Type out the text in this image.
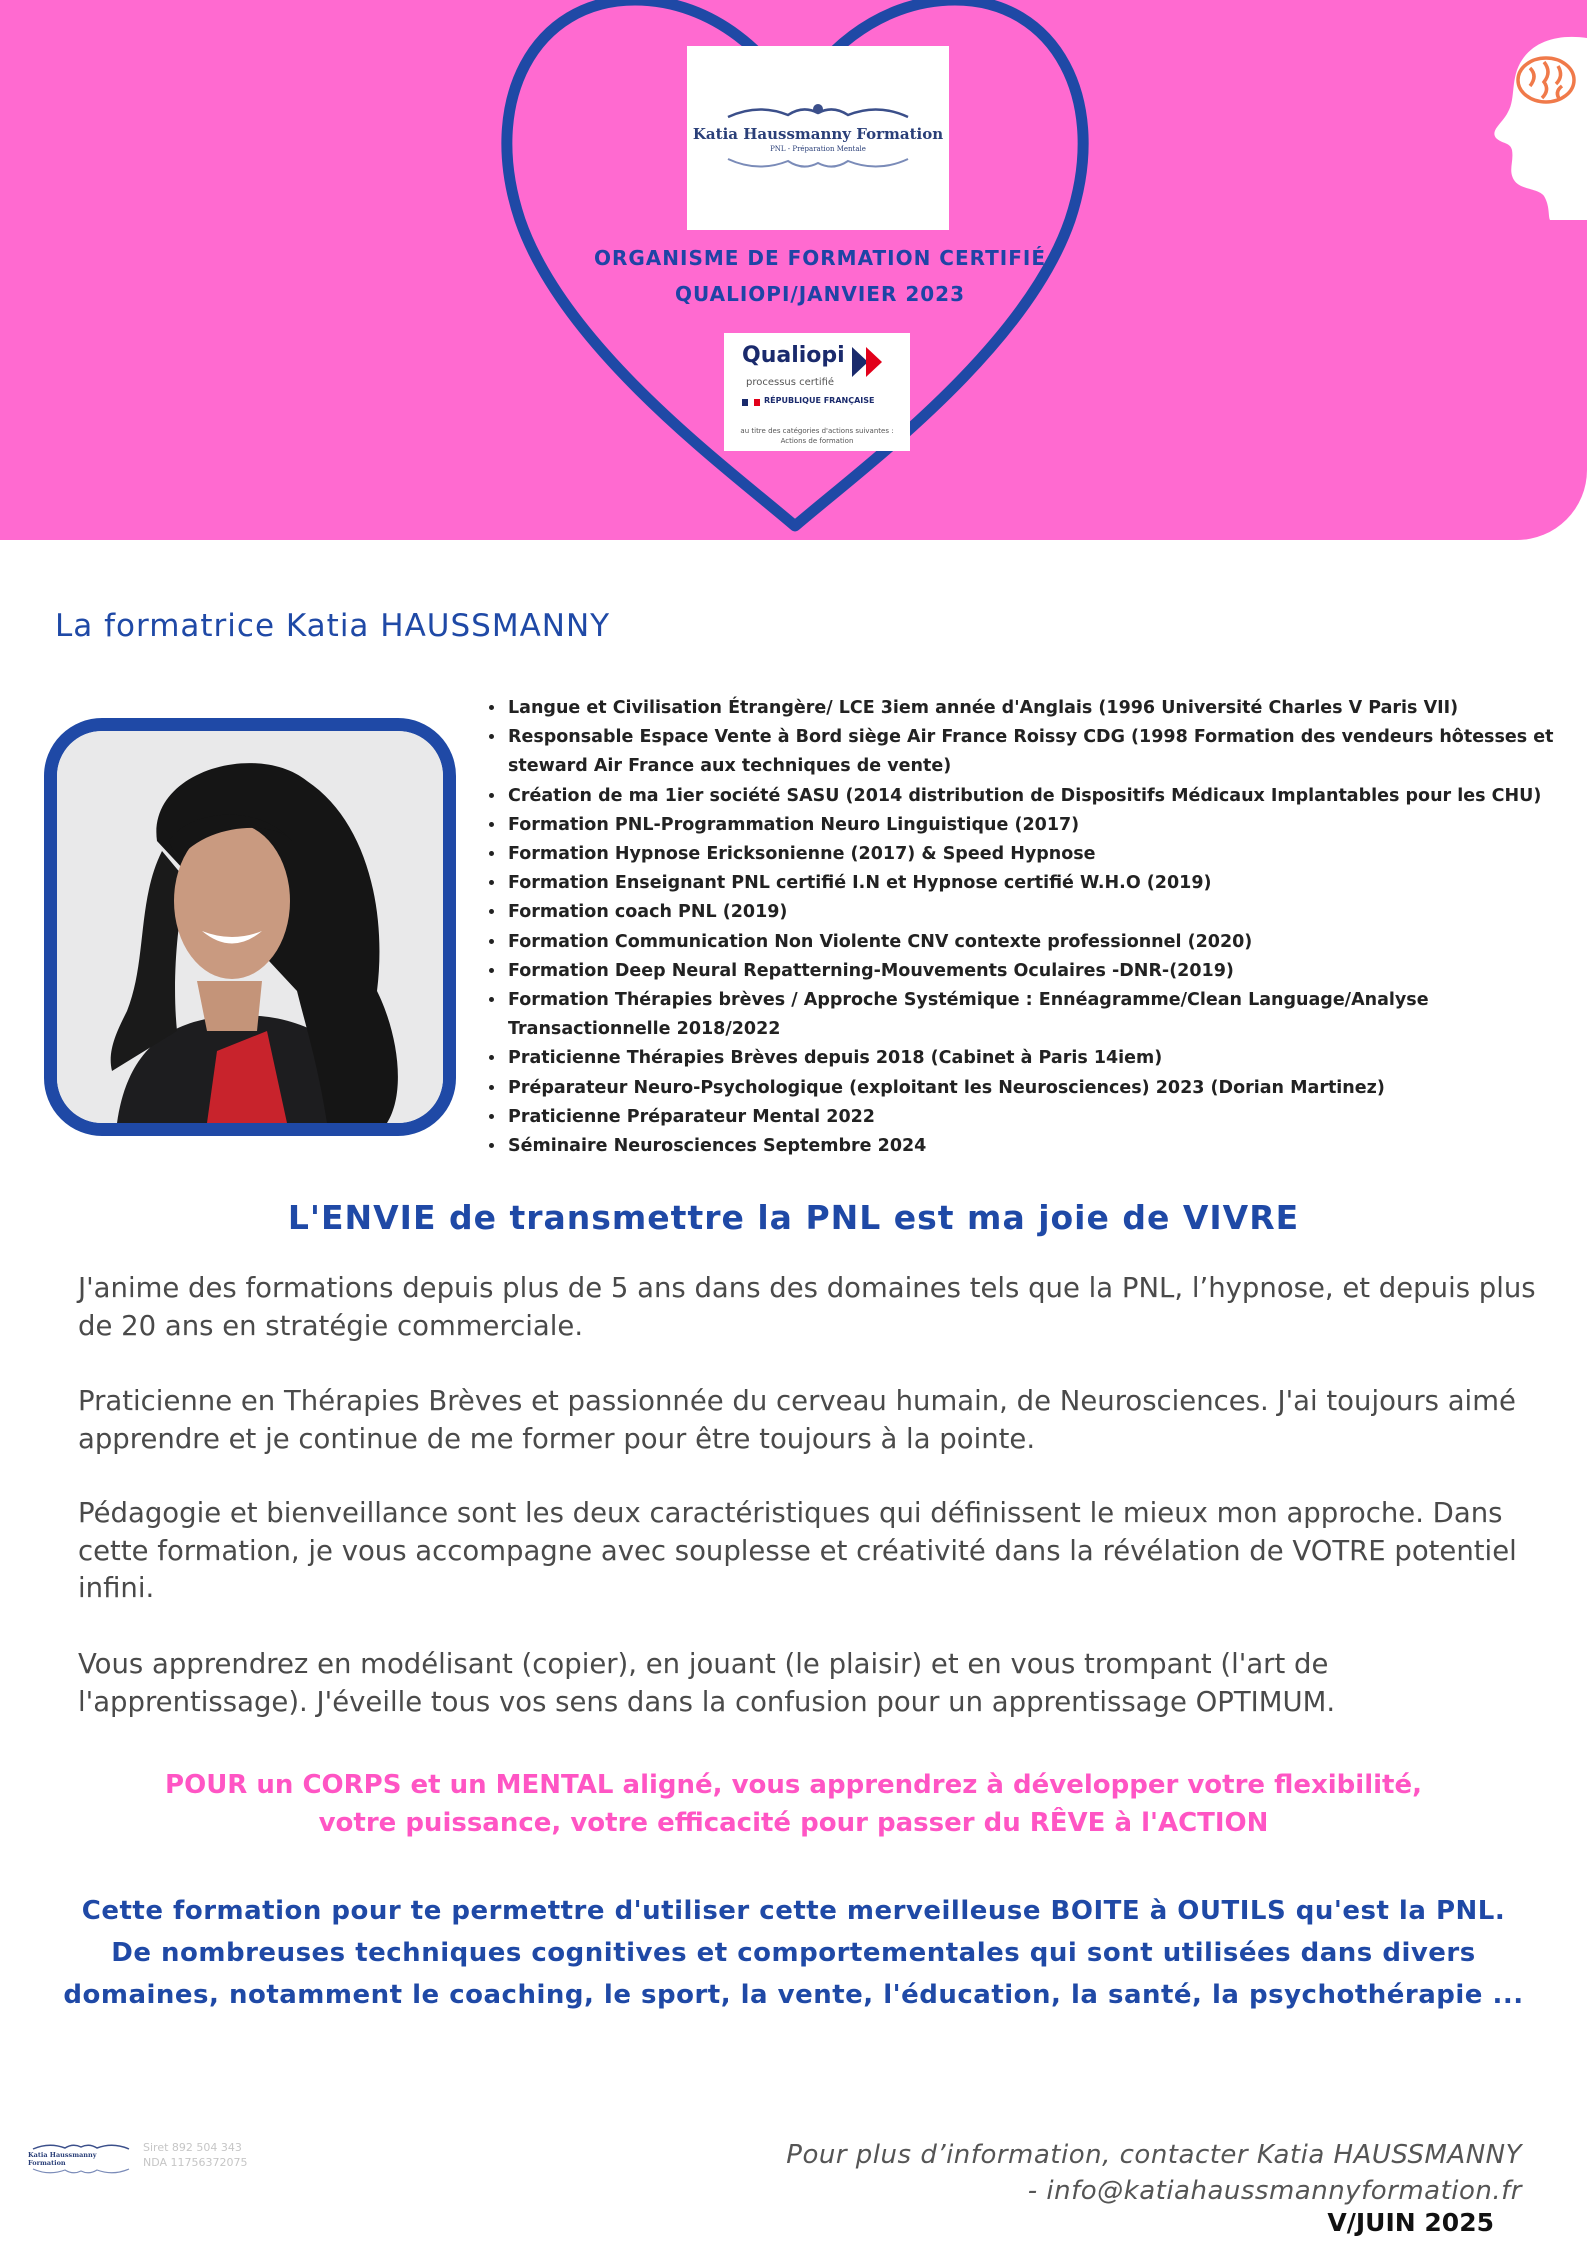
Katia Haussmanny Formation
PNL - Préparation Mentale
ORGANISME DE FORMATION CERTIFIÉ
QUALIOPI/JANVIER 2023
Qualiopi
processus certifié
RÉPUBLIQUE FRANÇAISE
au titre des catégories d'actions suivantes :
Actions de formation
La formatrice Katia HAUSSMANNY
• Langue et Civilisation Étrangère/ LCE 3iem année d'Anglais (1996 Université Charles V Paris VII)
• Responsable Espace Vente à Bord siège Air France Roissy CDG (1998 Formation des vendeurs hôtesses et steward Air France aux techniques de vente)
• Création de ma 1ier société SASU (2014 distribution de Dispositifs Médicaux Implantables pour les CHU)
• Formation PNL-Programmation Neuro Linguistique (2017)
• Formation Hypnose Ericksonienne (2017) & Speed Hypnose
• Formation Enseignant PNL certifié I.N et Hypnose certifié W.H.O (2019)
• Formation coach PNL (2019)
• Formation Communication Non Violente CNV contexte professionnel (2020)
• Formation Deep Neural Repatterning-Mouvements Oculaires -DNR-(2019)
• Formation Thérapies brèves / Approche Systémique : Ennéagramme/Clean Language/Analyse Transactionnelle 2018/2022
• Praticienne Thérapies Brèves depuis 2018 (Cabinet à Paris 14iem)
• Préparateur Neuro-Psychologique (exploitant les Neurosciences) 2023 (Dorian Martinez)
• Praticienne Préparateur Mental 2022
• Séminaire Neurosciences Septembre 2024
L'ENVIE de transmettre la PNL est ma joie de VIVRE

J'anime des formations depuis plus de 5 ans dans des domaines tels que la PNL, l’hypnose, et depuis plus de 20 ans en stratégie commerciale.

Praticienne en Thérapies Brèves et passionnée du cerveau humain, de Neurosciences. J'ai toujours aimé apprendre et je continue de me former pour être toujours à la pointe.

Pédagogie et bienveillance sont les deux caractéristiques qui définissent le mieux mon approche. Dans cette formation, je vous accompagne avec souplesse et créativité dans la révélation de VOTRE potentiel infini.

Vous apprendrez en modélisant (copier), en jouant (le plaisir) et en vous trompant (l'art de l'apprentissage). J'éveille tous vos sens dans la confusion pour un apprentissage OPTIMUM.

POUR un CORPS et un MENTAL aligné, vous apprendrez à développer votre flexibilité,
votre puissance, votre efficacité pour passer du RÊVE à l'ACTION
Cette formation pour te permettre d'utiliser cette merveilleuse BOITE à OUTILS qu'est la PNL.
De nombreuses techniques cognitives et comportementales qui sont utilisées dans divers
domaines, notamment le coaching, le sport, la vente, l'éducation, la santé, la psychothérapie ...
Katia Haussmanny Formation
Siret 892 504 343
NDA 11756372075	Pour plus d’information, contacter Katia HAUSSMANNY
- info@katiahaussmannyformation.fr
V/JUIN 2025
